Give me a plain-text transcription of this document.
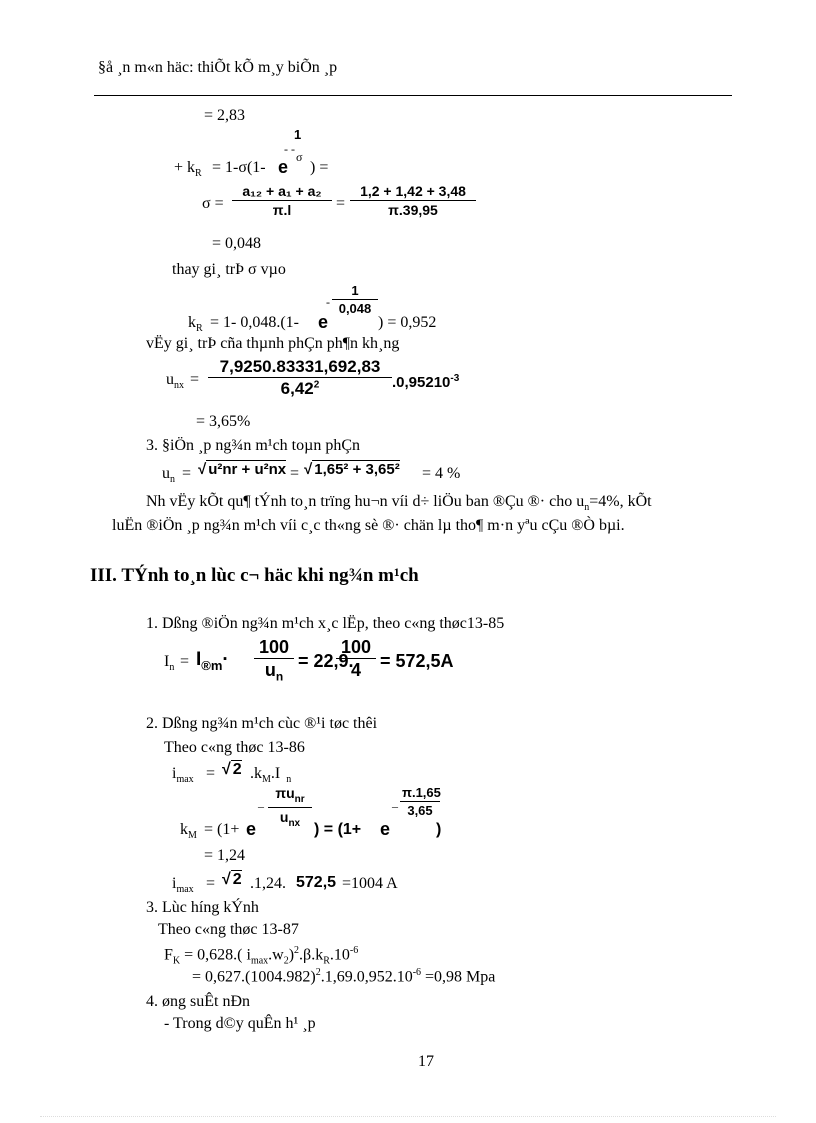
§å ¸n m«n häc: thiÕt kÕ m¸y biÕn ¸p
= 2,83
1
- -
σ
+ $k_R = 1-\sigma(1-$ e ) =
$\sigma = \frac{\text{a₁₂ + a₁ + a₂}}{\pi.l} = \frac{1,2 + 1,42 + 3,48}{\pi.39,95}$
= 0,048
thay gi¸ trÞ σ vµo
$\frac{1}{0,048}$
-
$k_R = 1-$ 0,048.(1- e	) = 0,952
vËy gi¸ trÞ cña thµnh phÇn ph¶n kh¸ng
$u_{nx} = \frac{7,9250.83331,692,83}{6,42^2} .0,95210^{-3}$
= 3,65%
3. §iÖn ¸p ng¾n m¹ch toµn phÇn
$u_n$ = √ u²nr + u²nx = √ 1,65² + 3,65² = 4 %
Nh vËy kÕt qu¶ tÝnh to¸n trïng hu¬n víi d÷ liÖu ban ®Çu ®· cho $u_n=4\%$, kÕt
luËn ®iÖn ¸p ng¾n m¹ch víi c¸c th«ng sè ®· chän lµ tho¶ m·n yªu cÇu ®Ò bµi.
III. TÝnh to¸n lùc c¬ häc khi ng¾n m¹ch
1. Dßng ®iÖn ng¾n m¹ch x¸c lËp, theo c«ng thøc13-85
$I_n = I_{®m}\cdot \frac{100}{u_n} = 22,9$.
$\frac{100}{4} = 572,5A$
2. Dßng ng¾n m¹ch cùc ®¹i tøc thêi
Theo c«ng thøc 13-86
$i_{max}$ = √ 2 $.k_M.I$ $_n$
–
$\pi u_{nr}$
$u_{nx}$
$k_M = (1+ e$	) = (1+ e
– $\frac{\pi.1,65}{3,65}$
)
= 1,24
$i_{max}$ = √ 2 .1,24. 572,5 =1004 A
3. Lùc híng kÝnh
Theo c«ng thøc 13-87
$F_K = 0,628$.( $i_{max}.w_2)^2.\beta.k_R.10^{-6}$
= $0,627.(1004.982)^2.1,69.0,952.10^{-6} =0,98$ Mpa
4. øng suÊt nÐn
- Trong d©y quÊn h¹ ¸p
17
